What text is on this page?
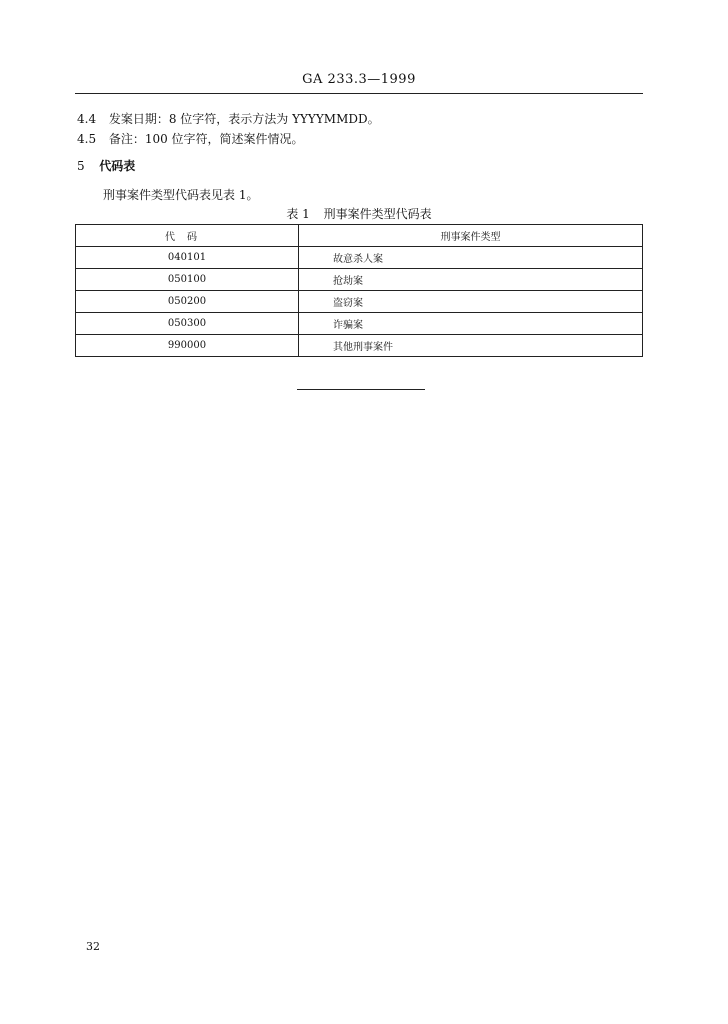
GA 233.3—1999
4.4 发案日期：8 位字符，表示方法为 YYYYMMDD。
4.5 备注：100 位字符，简述案件情况。
5 代码表
刑事案件类型代码表见表 1。
表 1 刑事案件类型代码表
代码	刑事案件类型
040101	故意杀人案
050100	抢劫案
050200	盗窃案
050300	诈骗案
990000	其他刑事案件
32
